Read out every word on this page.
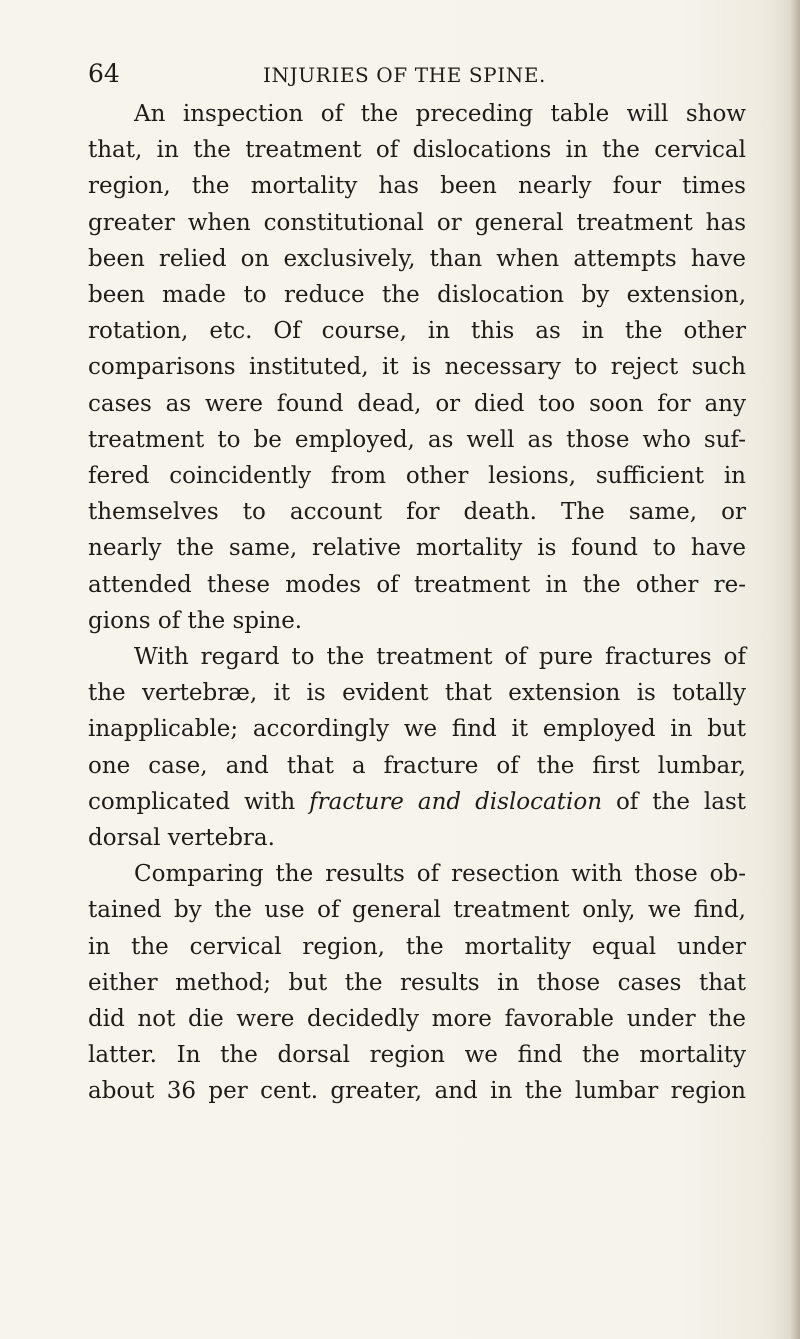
64	INJURIES OF THE SPINE.

An inspection of the preceding table will show
that, in the treatment of dislocations in the cervical
region, the mortality has been nearly four times
greater when constitutional or general treatment has
been relied on exclusively, than when attempts have
been made to reduce the dislocation by extension,
rotation, etc. Of course, in this as in the other
comparisons instituted, it is necessary to reject such
cases as were found dead, or died too soon for any
treatment to be employed, as well as those who suf-
fered coincidently from other lesions, sufficient in
themselves to account for death. The same, or
nearly the same, relative mortality is found to have
attended these modes of treatment in the other re-
gions of the spine.

With regard to the treatment of pure fractures of
the vertebræ, it is evident that extension is totally
inapplicable; accordingly we find it employed in but
one case, and that a fracture of the first lumbar,
complicated with fracture and dislocation of the last
dorsal vertebra.

Comparing the results of resection with those ob-
tained by the use of general treatment only, we find,
in the cervical region, the mortality equal under
either method; but the results in those cases that
did not die were decidedly more favorable under the
latter. In the dorsal region we find the mortality
about 36 per cent. greater, and in the lumbar region
